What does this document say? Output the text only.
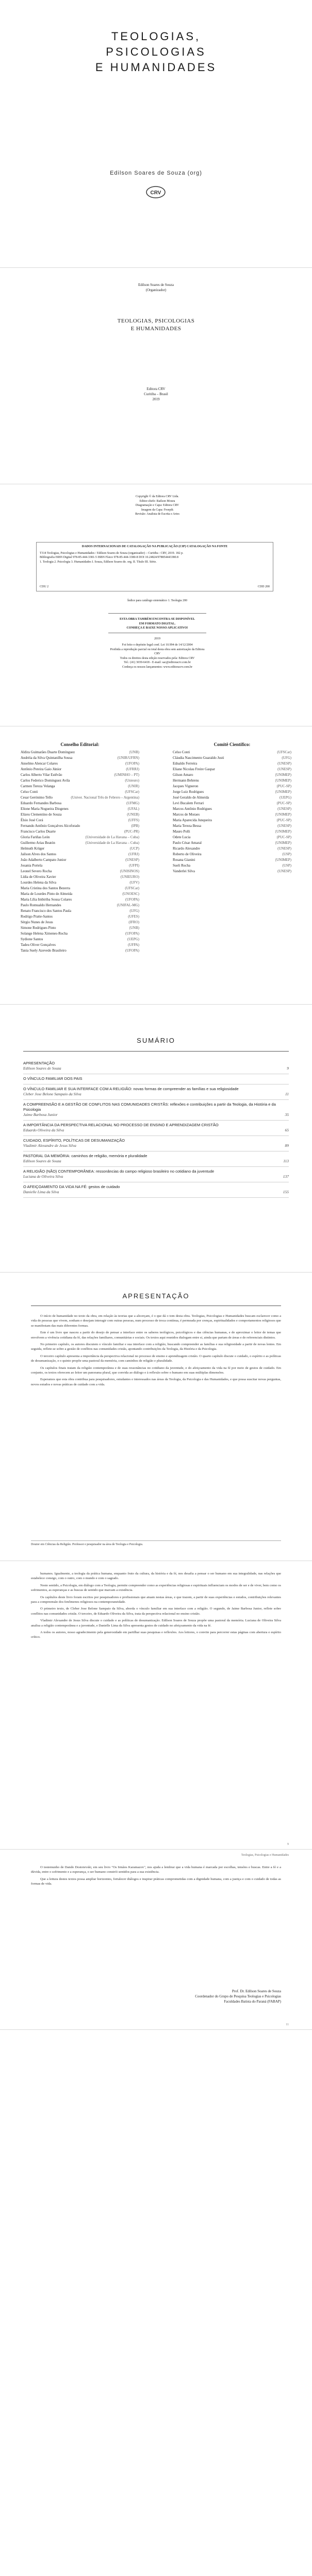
TEOLOGIAS,
PSICOLOGIAS
E HUMANIDADES
Edilson Soares de Souza (org)
CRV
Edilson Soares de Souza
(Organizador)
TEOLOGIAS, PSICOLOGIAS
E HUMANIDADES
Editora CRV
Curitiba – Brasil
2019
Copyright © da Editora CRV Ltda.
Editor-chefe: Railson Moura
Diagramação e Capa: Editora CRV
Imagem da Capa: Freepik
Revisão: Analista de Escrita e Artes
DADOS INTERNACIONAIS DE CATALOGAÇÃO NA PUBLICAÇÃO (CIP) CATALOGAÇÃO NA FONTE
T314 Teologias, Psicologias e Humanidades / Edilson Soares de Souza (organizador) – Curitiba : CRV, 2019. 182 p.
Bibliografia ISBN Digital 978-85-444-3381-5 ISBN Físico 978-85-444-3380-8 DOI 10.24824/978854443380.8
1. Teologia 2. Psicologia 3. Humanidades I. Souza, Edilson Soares de. org. II. Título III. Série.
CDU 2	CDD 200
Índice para catálogo sistemático 1. Teologia 200
ESTA OBRA TAMBÉM ENCONTRA-SE DISPONÍVEL
EM FORMATO DIGITAL.
CONHEÇA E BAIXE NOSSO APLICATIVO!
2019
Foi feito o depósito legal conf. Lei 10.994 de 14/12/2004
Proibida a reprodução parcial ou total desta obra sem autorização da Editora CRV
Todos os direitos desta edição reservados pela: Editora CRV
Tel.: (41) 3039-6418 - E-mail: sac@editoracrv.com.br
Conheça os nossos lançamentos: www.editoracrv.com.br
Conselho Editorial:
Aldira Guimarães Duarte Domínguez	(UNB)
Andréia da Silva Quintanilha Sousa	(UNIR/UFRN)
Anselmo Alencar Colares	(UFOPA)
Antônio Pereira Gaio Júnior	(UFRRJ)
Carlos Alberto Vilar Estêvão	(UMINHO – PT)
Carlos Federico Dominguez Avila	(Unieuro)
Carmen Tereza Velanga	(UNIR)
Celso Conti	(UFSCar)
Cesar Gerónimo Tello	(Univer. Nacional Três de Febrero – Argentina)
Eduardo Fernandes Barbosa	(UFMG)
Elione Maria Nogueira Diogenes	(UFAL)
Elizeu Clementino de Souza	(UNEB)
Élsio José Corá	(UFFS)
Fernando Antônio Gonçalves Alcoforado	(IPB)
Francisco Carlos Duarte	(PUC-PR)
Gloria Fariñas León	(Universidade de La Havana – Cuba)
Guillermo Arias Beatón	(Universidade de La Havana – Cuba)
Helmuth Krüger	(UCP)
Jailson Alves dos Santos	(UFRJ)
João Adalberto Campato Junior	(UNESP)
Josania Portela	(UFPI)
Leonel Severo Rocha	(UNISINOS)
Lídia de Oliveira Xavier	(UNIEURO)
Lourdes Helena da Silva	(UFV)
Maria Cristina dos Santos Bezerra	(UFSCar)
Maria de Lourdes Pinto de Almeida	(UNOESC)
Maria Lília Imbiriba Sousa Colares	(UFOPA)
Paulo Romualdo Hernandes	(UNIFAL-MG)
Renato Francisco dos Santos Paula	(UFG)
Rodrigo Pratte-Santos	(UFES)
Sérgio Nunes de Jesus	(IFRO)
Simone Rodrigues Pinto	(UNB)
Solange Helena Ximenes-Rocha	(UFOPA)
Sydione Santos	(UEPG)
Tadeu Oliver Gonçalves	(UFPA)
Tania Suely Azevedo Brasileiro	(UFOPA)
Comitê Científico:
Celso Conti	(UFSCar)
Cláudia Nascimento Guaraldo Justi	(UFG)
Ednaldo Ferreira	(UNESP)
Eliane Nicolau Freire Gaspar	(UNESP)
Gilson Amaro	(UNIMEP)
Hermann Behrens	(UNIMEP)
Jacques Vigneron	(PUC-SP)
Jorge Luiz Rodrigues	(UNIMEP)
José Geraldo de Almeida	(UEPG)
Levi Bucalem Ferrari	(PUC-SP)
Marcos Antônio Rodrigues	(UNESP)
Marcos de Moraes	(UNIMEP)
Maria Aparecida Junqueira	(PUC-SP)
Maria Tereza Bessa	(UNESP)
Mauro Polli	(UNIMEP)
Odete Lucia	(PUC-SP)
Paulo César Amaral	(UNIMEP)
Ricardo Alexandre	(UNESP)
Roberto de Oliveira	(USP)
Rosana Gianini	(UNIMEP)
Sueli Rocha	(USP)
Vanderlei Silva	(UNESP)
SUMÁRIO
APRESENTAÇÃO
Edilson Soares de Souza	9
O VÍNCULO FAMILIAR DOS PAIS
O VÍNCULO FAMILIAR E SUA INTERFACE COM A RELIGIÃO: novas formas de compreender as famílias e sua religiosidade
Cleber Jose Belone Sampaio da Silva	11
A COMPREENSÃO E A GESTÃO DE CONFLITOS NAS COMUNIDADES CRISTÃS: reflexões e contribuições a partir da Teologia, da História e da Psicologia
Jaime Barbosa Junior	35
A IMPORTÂNCIA DA PERSPECTIVA RELACIONAL NO PROCESSO DE ENSINO E APRENDIZAGEM CRISTÃO
Eduardo Oliveira da Silva	65
CUIDADO, ESPÍRITO, POLÍTICAS DE DESUMANIZAÇÃO
Vladimir Alexandre de Jesus Silva	89
PASTORAL DA MEMÓRIA: caminhos de religião, memória e pluralidade
Edilson Soares de Souza	113
A RELIGIÃO (NÃO) CONTEMPORÂNEA: ressonâncias do campo religioso brasileiro no cotidiano da juventude
Luciana de Oliveira Silva	137
O AFEIÇOAMENTO DA VIDA NA FÉ: gestos de cuidado
Danielle Lima da Silva	155
APRESENTAÇÃO

O início de humanidade no texto da obra, em relação às teorias que a alicerçam, é o que dá o tom desta obra. Teologias, Psicologias e Humanidades buscam esclarecer como a vida de pessoas que vivem, sonham e desejam interagir com outras pessoas, num processo de troca contínua, é permeada por crenças, espiritualidades e comportamentos religiosos que se manifestam das mais diferentes formas.

Este é um livro que nasceu a partir do desejo de pensar a interface entre os saberes teológicos, psicológicos e das ciências humanas, e de aproximar o leitor de temas que envolvem a vivência cotidiana da fé, das relações familiares, comunitárias e sociais. Os textos aqui reunidos dialogam entre si, ainda que partam de áreas e de referenciais distintos.

No primeiro capítulo, os autores discutem o vínculo familiar e sua interface com a religião, buscando compreender as famílias e sua religiosidade a partir de novas lentes. Em seguida, reflete-se sobre a gestão de conflitos nas comunidades cristãs, apontando contribuições da Teologia, da História e da Psicologia.

O terceiro capítulo apresenta a importância da perspectiva relacional no processo de ensino e aprendizagem cristão. O quarto capítulo discute o cuidado, o espírito e as políticas de desumanização, e o quinto propõe uma pastoral da memória, com caminhos de religião e pluralidade.

Os capítulos finais tratam da religião contemporânea e de suas ressonâncias no cotidiano da juventude, e do afeiçoamento da vida na fé por meio de gestos de cuidado. Em conjunto, os textos oferecem ao leitor um panorama plural, que convida ao diálogo e à reflexão sobre o humano em suas múltiplas dimensões.

Esperamos que esta obra contribua para pesquisadores, estudantes e interessados nas áreas da Teologia, da Psicologia e das Humanidades, e que possa suscitar novas perguntas, novos estudos e novas práticas de cuidado com a vida.

Doutor em Ciências da Religião. Professor e pesquisador na área de Teologia e Psicologia.

humanos. Igualmente, a teologia da prática humana, enquanto fruto da cultura, da história e da fé, nos desafia a pensar o ser humano em sua integralidade, nas relações que estabelece consigo, com o outro, com o mundo e com o sagrado.

Neste sentido, a Psicologia, em diálogo com a Teologia, permite compreender como as experiências religiosas e espirituais influenciam os modos de ser e de viver, bem como os sofrimentos, as esperanças e as buscas de sentido que marcam a existência.

Os capítulos deste livro foram escritos por pesquisadores e profissionais que atuam nestas áreas, e que trazem, a partir de suas experiências e estudos, contribuições relevantes para a compreensão dos fenômenos religiosos na contemporaneidade.

O primeiro texto, de Cleber Jose Belone Sampaio da Silva, aborda o vínculo familiar em sua interface com a religião. O segundo, de Jaime Barbosa Junior, reflete sobre conflitos nas comunidades cristãs. O terceiro, de Eduardo Oliveira da Silva, trata da perspectiva relacional no ensino cristão.

Vladimir Alexandre de Jesus Silva discute o cuidado e as políticas de desumanização. Edilson Soares de Souza propõe uma pastoral da memória. Luciana de Oliveira Silva analisa a religião contemporânea e a juventude, e Danielle Lima da Silva apresenta gestos de cuidado no afeiçoamento da vida na fé.

A todos os autores, nosso agradecimento pela generosidade em partilhar suas pesquisas e reflexões. Aos leitores, o convite para percorrer estas páginas com abertura e espírito crítico.

9
Teologias, Psicologias e Humanidades

O testemunho de Dando Dostoievski, em seu livro "Os Irmãos Karamazov", nos ajuda a lembrar que a vida humana é marcada por escolhas, tensões e buscas. Entre a fé e a dúvida, entre o sofrimento e a esperança, o ser humano constrói sentidos para a sua existência.

Que a leitura destes textos possa ampliar horizontes, fortalecer diálogos e inspirar práticas comprometidas com a dignidade humana, com a justiça e com o cuidado de todas as formas de vida.

Prof. Dr. Edilson Soares de Souza
Coordenador do Grupo de Pesquisa Teologias e Psicologias
Faculdades Batista do Paraná (FABAP)
11
